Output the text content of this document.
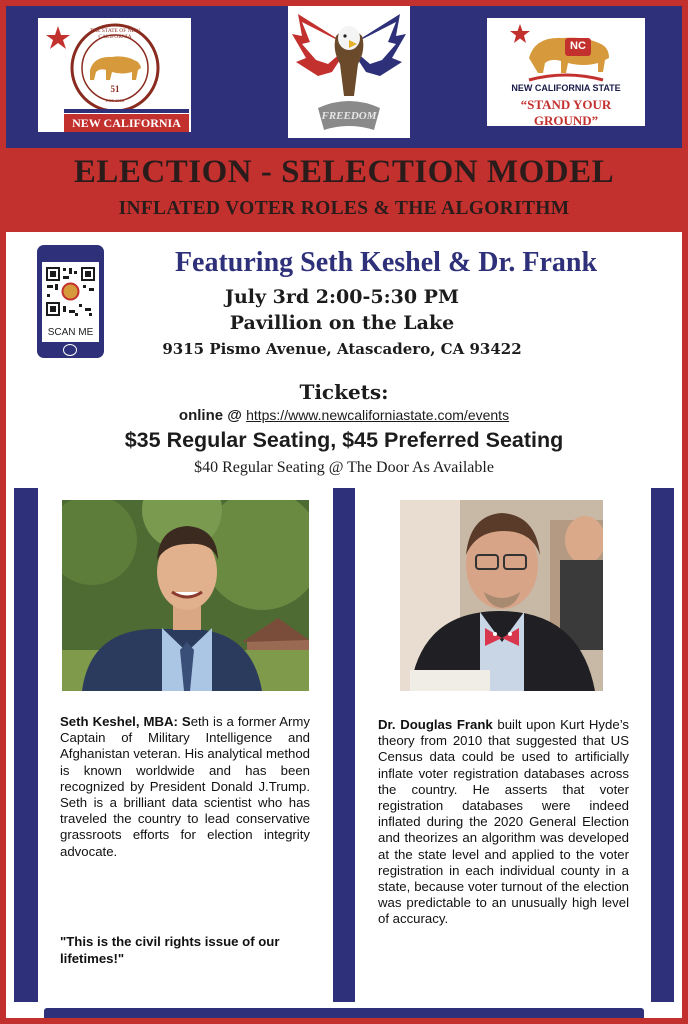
NEW CALIFORNIA
51
THE STATE OF NEW CALIFORNIA
EST. 2018
FREEDOM
NC
NEW CALIFORNIA STATE
“STAND YOUR GROUND”
ELECTION - SELECTION MODEL
INFLATED VOTER ROLES & THE ALGORITHM
SCAN ME
Featuring Seth Keshel & Dr. Frank
July 3rd 2:00-5:30 PM
Pavillion on the Lake
9315 Pismo Avenue, Atascadero, CA 93422
Tickets:
online @ https://www.newcaliforniastate.com/events
$35 Regular Seating, $45 Preferred Seating
$40 Regular Seating @ The Door As Available
Seth Keshel, MBA: Seth is a former Army Captain of Military Intelligence and Afghanistan veteran. His analytical method is known worldwide and has been recognized by President Donald J.Trump. Seth is a brilliant data scientist who has traveled the country to lead conservative grassroots efforts for election integrity advocate.
"This is the civil rights issue of our lifetimes!"
Dr. Douglas Frank built upon Kurt Hyde’s theory from 2010 that suggested that US Census data could be used to artificially inflate voter registration databases across the country. He asserts that voter registration databases were indeed inflated during the 2020 General Election and theorizes an algorithm was developed at the state level and applied to the voter registration in each individual county in a state, because voter turnout of the election was predictable to an unusually high level of accuracy.
